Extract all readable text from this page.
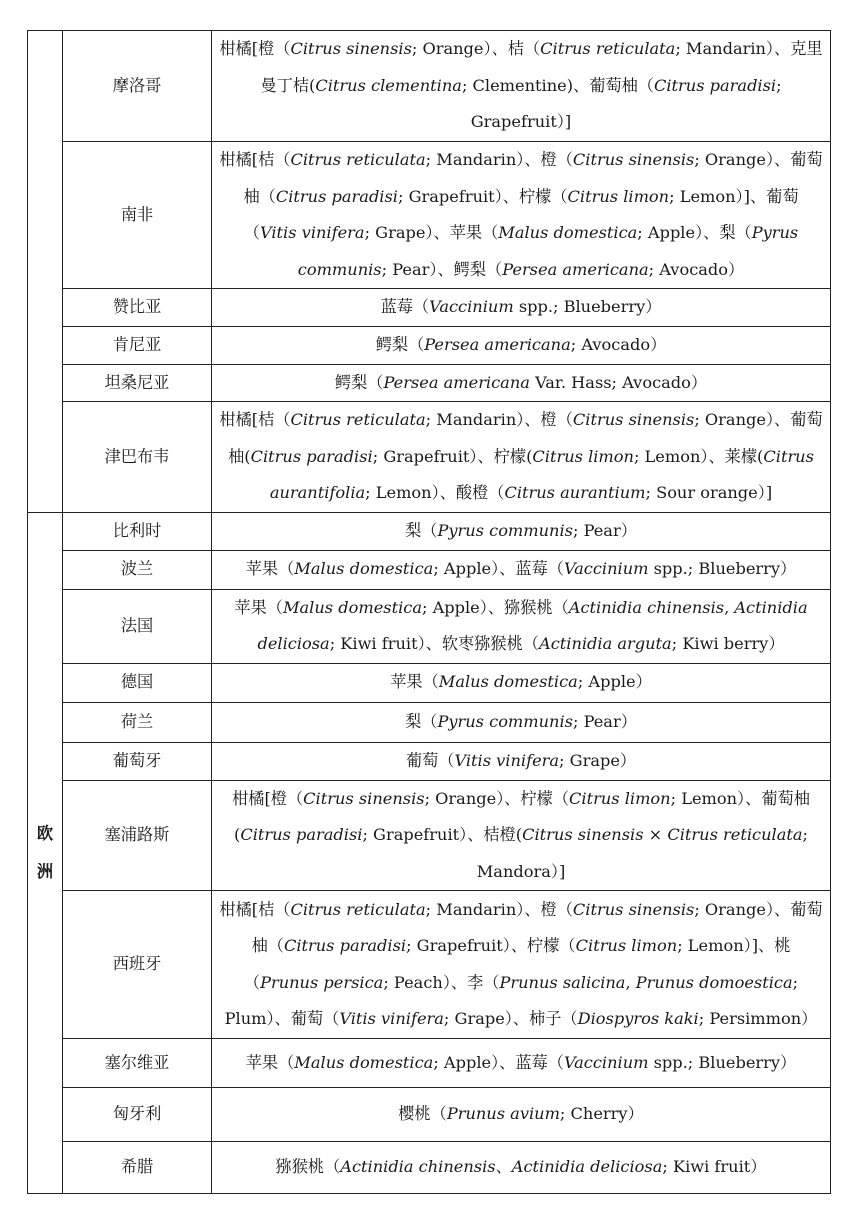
	摩洛哥	柑橘[橙（Citrus sinensis; Orange）、桔（Citrus reticulata; Mandarin）、克里曼丁桔(Citrus clementina; Clementine)、葡萄柚（Citrus paradisi; Grapefruit）]
	南非	柑橘[桔（Citrus reticulata; Mandarin）、橙（Citrus sinensis; Orange）、葡萄柚（Citrus paradisi; Grapefruit）、柠檬（Citrus limon; Lemon）]、葡萄（Vitis vinifera; Grape）、苹果（Malus domestica; Apple）、梨（Pyrus communis; Pear）、鳄梨（Persea americana; Avocado）
	赞比亚	蓝莓（Vaccinium spp.; Blueberry）
	肯尼亚	鳄梨（Persea americana; Avocado）
	坦桑尼亚	鳄梨（Persea americana Var. Hass; Avocado）
	津巴布韦	柑橘[桔（Citrus reticulata; Mandarin）、橙（Citrus sinensis; Orange）、葡萄柚(Citrus paradisi; Grapefruit）、柠檬(Citrus limon; Lemon）、莱檬(Citrus aurantifolia; Lemon）、酸橙（Citrus aurantium; Sour orange）]
欧洲	比利时	梨（Pyrus communis; Pear）
	波兰	苹果（Malus domestica; Apple）、蓝莓（Vaccinium spp.; Blueberry）
	法国	苹果（Malus domestica; Apple）、猕猴桃（Actinidia chinensis, Actinidia deliciosa; Kiwi fruit）、软枣猕猴桃（Actinidia arguta; Kiwi berry）
	德国	苹果（Malus domestica; Apple）
	荷兰	梨（Pyrus communis; Pear）
	葡萄牙	葡萄（Vitis vinifera; Grape）
	塞浦路斯	柑橘[橙（Citrus sinensis; Orange）、柠檬（Citrus limon; Lemon）、葡萄柚(Citrus paradisi; Grapefruit）、桔橙(Citrus sinensis × Citrus reticulata; Mandora）]
	西班牙	柑橘[桔（Citrus reticulata; Mandarin）、橙（Citrus sinensis; Orange）、葡萄柚（Citrus paradisi; Grapefruit）、柠檬（Citrus limon; Lemon）]、桃（Prunus persica; Peach）、李（Prunus salicina, Prunus domoestica; Plum）、葡萄（Vitis vinifera; Grape）、柿子（Diospyros kaki; Persimmon）
	塞尔维亚	苹果（Malus domestica; Apple）、蓝莓（Vaccinium spp.; Blueberry）
	匈牙利	樱桃（Prunus avium; Cherry）
	希腊	猕猴桃（Actinidia chinensis、Actinidia deliciosa; Kiwi fruit）
